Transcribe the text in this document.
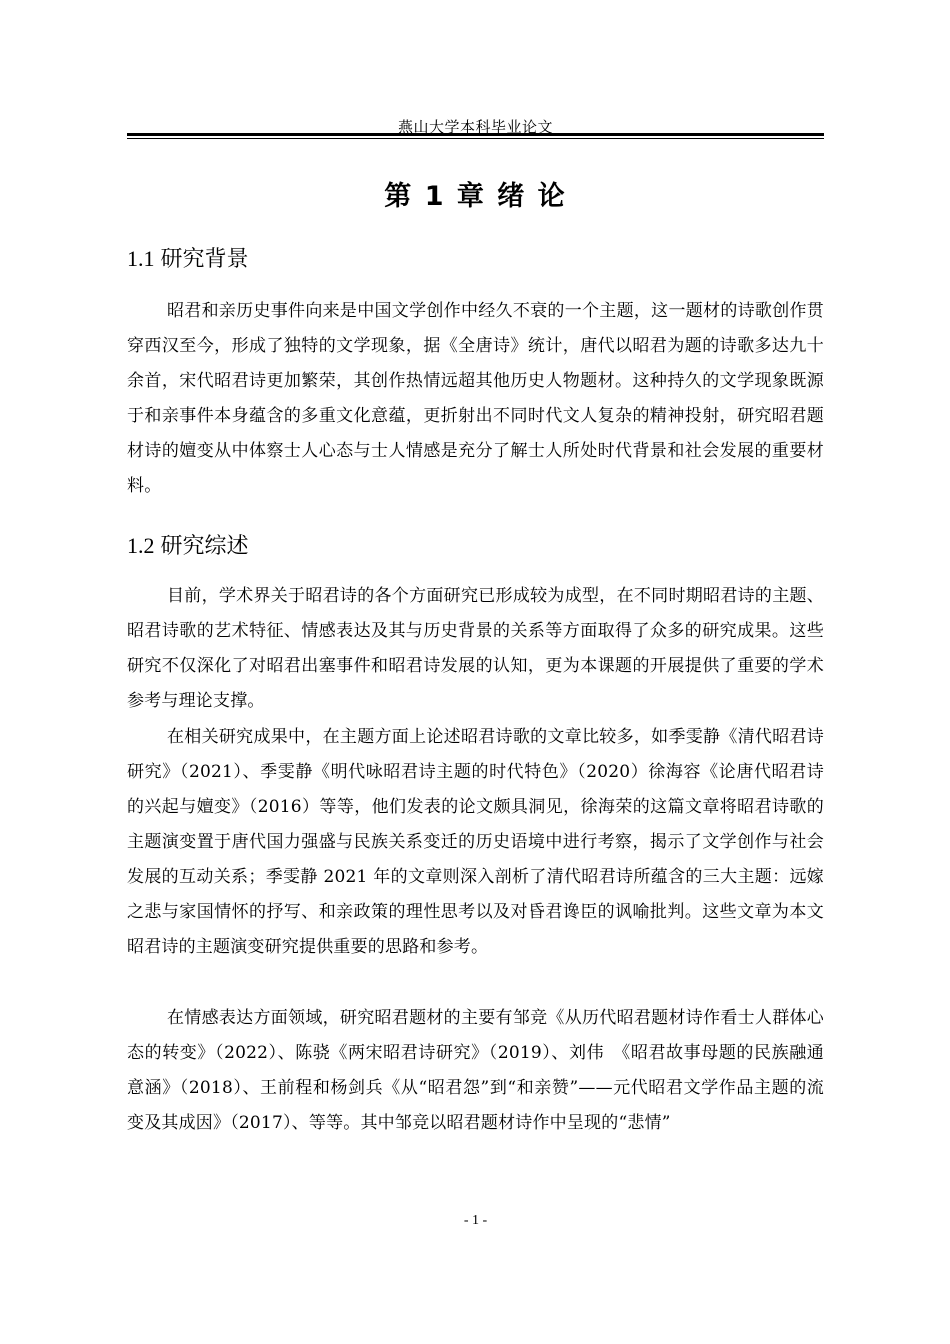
燕山大学本科毕业论文
第 1 章 绪 论
1.1 研究背景

昭君和亲历史事件向来是中国文学创作中经久不衰的一个主题，这一题材的诗歌创作贯穿西汉至今，形成了独特的文学现象，据《全唐诗》统计，唐代以昭君为题的诗歌多达九十余首，宋代昭君诗更加繁荣，其创作热情远超其他历史人物题材。这种持久的文学现象既源于和亲事件本身蕴含的多重文化意蕴，更折射出不同时代文人复杂的精神投射，研究昭君题材诗的嬗变从中体察士人心态与士人情感是充分了解士人所处时代背景和社会发展的重要材料。

1.2 研究综述

目前，学术界关于昭君诗的各个方面研究已形成较为成型，在不同时期昭君诗的主题、昭君诗歌的艺术特征、情感表达及其与历史背景的关系等方面取得了众多的研究成果。这些研究不仅深化了对昭君出塞事件和昭君诗发展的认知，更为本课题的开展提供了重要的学术参考与理论支撑。

在相关研究成果中，在主题方面上论述昭君诗歌的文章比较多，如季雯静《清代昭君诗研究》（2021）、季雯静《明代咏昭君诗主题的时代特色》（2020）徐海容《论唐代昭君诗的兴起与嬗变》（2016）等等，他们发表的论文颇具洞见，徐海荣的这篇文章将昭君诗歌的主题演变置于唐代国力强盛与民族关系变迁的历史语境中进行考察，揭示了文学创作与社会发展的互动关系；季雯静 2021 年的文章则深入剖析了清代昭君诗所蕴含的三大主题：远嫁之悲与家国情怀的抒写、和亲政策的理性思考以及对昏君谗臣的讽喻批判。这些文章为本文昭君诗的主题演变研究提供重要的思路和参考。

在情感表达方面领域，研究昭君题材的主要有邹竞《从历代昭君题材诗作看士人群体心态的转变》（2022）、陈骁《两宋昭君诗研究》（2019）、刘伟　《昭君故事母题的民族融通意涵》（2018）、王前程和杨剑兵《从“昭君怨”到“和亲赞”——元代昭君文学作品主题的流变及其成因》（2017）、等等。其中邹竞以昭君题材诗作中呈现的“悲情”

- 1 -
